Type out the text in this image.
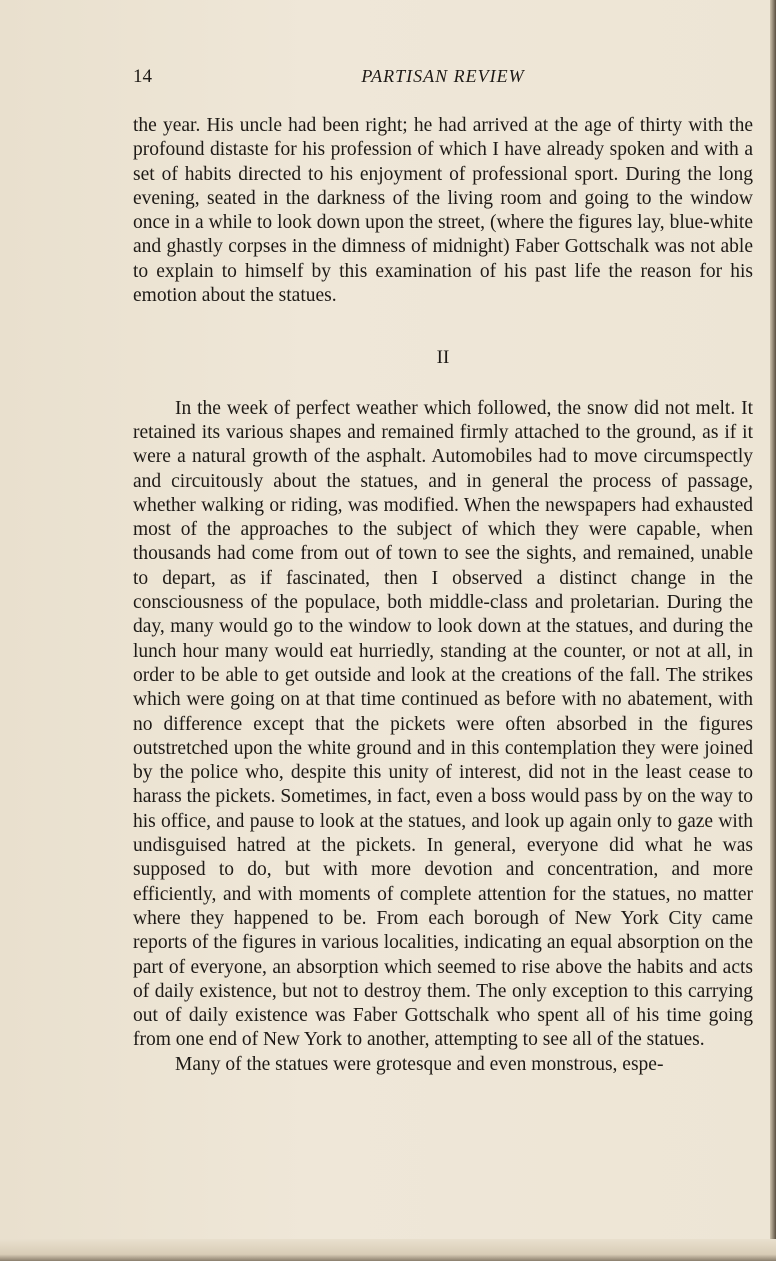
14	PARTISAN REVIEW

the year. His uncle had been right; he had arrived at the age of thirty with the profound distaste for his profession of which I have already spoken and with a set of habits directed to his enjoyment of professional sport. During the long evening, seated in the darkness of the living room and going to the window once in a while to look down upon the street, (where the figures lay, blue-white and ghastly corpses in the dimness of midnight) Faber Gottschalk was not able to explain to himself by this examination of his past life the reason for his emotion about the statues.

II

In the week of perfect weather which followed, the snow did not melt. It retained its various shapes and remained firmly attached to the ground, as if it were a natural growth of the asphalt. Automobiles had to move circumspectly and circuitously about the statues, and in general the process of passage, whether walking or riding, was modified. When the newspapers had exhausted most of the approaches to the subject of which they were capable, when thousands had come from out of town to see the sights, and remained, unable to depart, as if fascinated, then I observed a distinct change in the consciousness of the populace, both middle-class and proletarian. During the day, many would go to the window to look down at the statues, and during the lunch hour many would eat hurriedly, standing at the counter, or not at all, in order to be able to get outside and look at the creations of the fall. The strikes which were going on at that time continued as before with no abatement, with no difference except that the pickets were often absorbed in the figures outstretched upon the white ground and in this contemplation they were joined by the police who, despite this unity of interest, did not in the least cease to harass the pickets. Sometimes, in fact, even a boss would pass by on the way to his office, and pause to look at the statues, and look up again only to gaze with undisguised hatred at the pickets. In general, everyone did what he was supposed to do, but with more devotion and concentration, and more efficiently, and with moments of complete attention for the statues, no matter where they happened to be. From each borough of New York City came reports of the figures in various localities, indicating an equal absorption on the part of everyone, an absorption which seemed to rise above the habits and acts of daily existence, but not to destroy them. The only exception to this carrying out of daily existence was Faber Gottschalk who spent all of his time going from one end of New York to another, attempting to see all of the statues.

Many of the statues were grotesque and even monstrous, espe-
